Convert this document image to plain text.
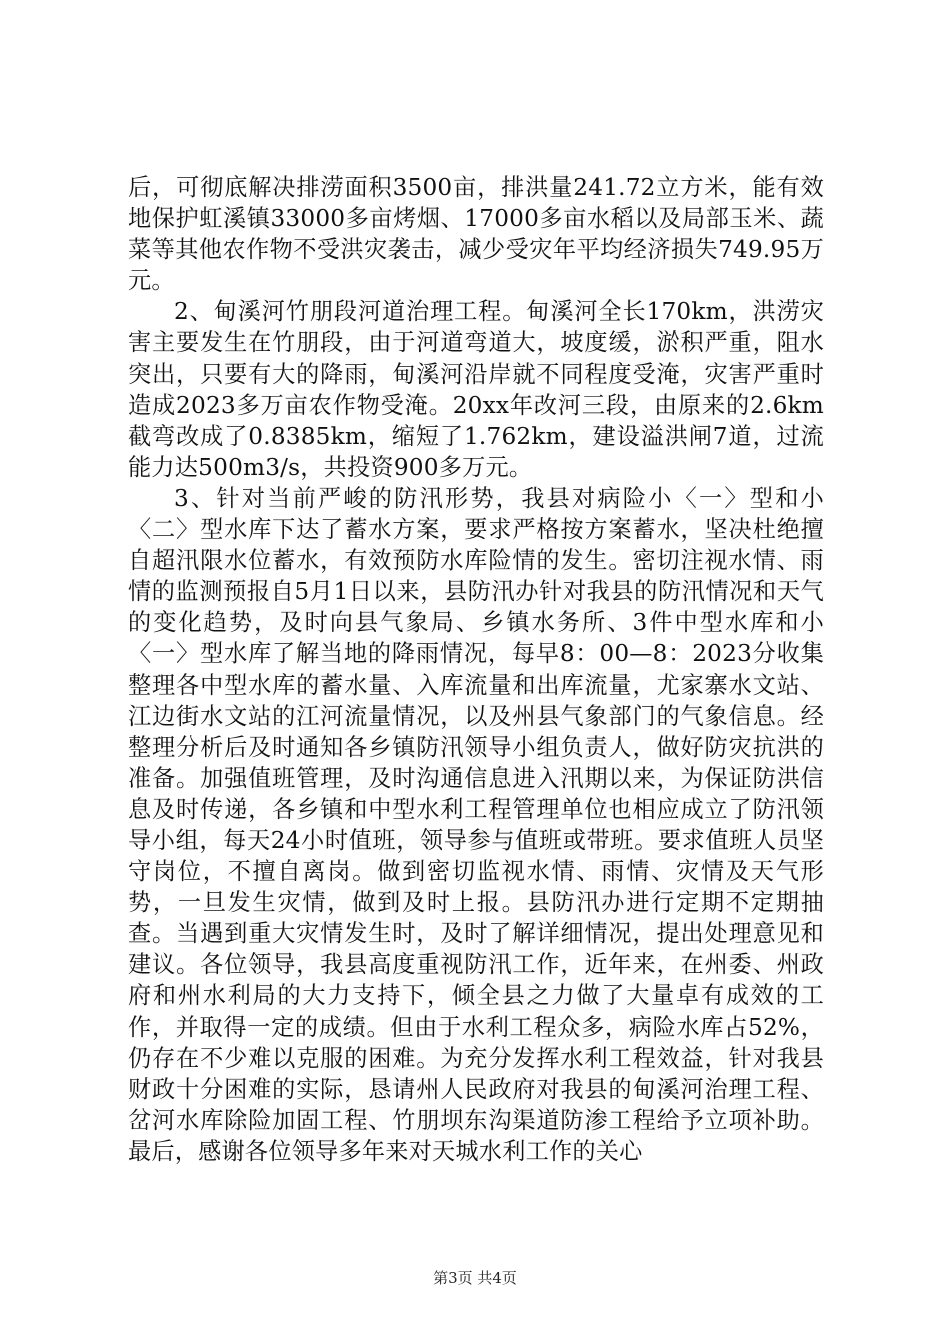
后，可彻底解决排涝面积3500亩，排洪量241.72立方米，能有效地保护虹溪镇33000多亩烤烟、17000多亩水稻以及局部玉米、蔬菜等其他农作物不受洪灾袭击，减少受灾年平均经济损失749.95万元。

2、甸溪河竹朋段河道治理工程。甸溪河全长170km，洪涝灾害主要发生在竹朋段，由于河道弯道大，坡度缓，淤积严重，阻水突出，只要有大的降雨，甸溪河沿岸就不同程度受淹，灾害严重时造成2023多万亩农作物受淹。20xx年改河三段，由原来的2.6km截弯改成了0.8385km，缩短了1.762km，建设溢洪闸7道，过流能力达500m3/s，共投资900多万元。

3、针对当前严峻的防汛形势，我县对病险小〈一〉型和小〈二〉型水库下达了蓄水方案，要求严格按方案蓄水，坚决杜绝擅自超汛限水位蓄水，有效预防水库险情的发生。密切注视水情、雨情的监测预报自5月1日以来，县防汛办针对我县的防汛情况和天气的变化趋势，及时向县气象局、乡镇水务所、3件中型水库和小〈一〉型水库了解当地的降雨情况，每早8：00—8：2023分收集整理各中型水库的蓄水量、入库流量和出库流量，尤家寨水文站、江边街水文站的江河流量情况，以及州县气象部门的气象信息。经整理分析后及时通知各乡镇防汛领导小组负责人，做好防灾抗洪的准备。加强值班管理，及时沟通信息进入汛期以来，为保证防洪信息及时传递，各乡镇和中型水利工程管理单位也相应成立了防汛领导小组，每天24小时值班，领导参与值班或带班。要求值班人员坚守岗位，不擅自离岗。做到密切监视水情、雨情、灾情及天气形势，一旦发生灾情，做到及时上报。县防汛办进行定期不定期抽查。当遇到重大灾情发生时，及时了解详细情况，提出处理意见和建议。各位领导，我县高度重视防汛工作，近年来，在州委、州政府和州水利局的大力支持下，倾全县之力做了大量卓有成效的工作，并取得一定的成绩。但由于水利工程众多，病险水库占52%，仍存在不少难以克服的困难。为充分发挥水利工程效益，针对我县财政十分困难的实际，恳请州人民政府对我县的甸溪河治理工程、岔河水库除险加固工程、竹朋坝东沟渠道防渗工程给予立项补助。最后，感谢各位领导多年来对天城水利工作的关心

第3页 共4页
